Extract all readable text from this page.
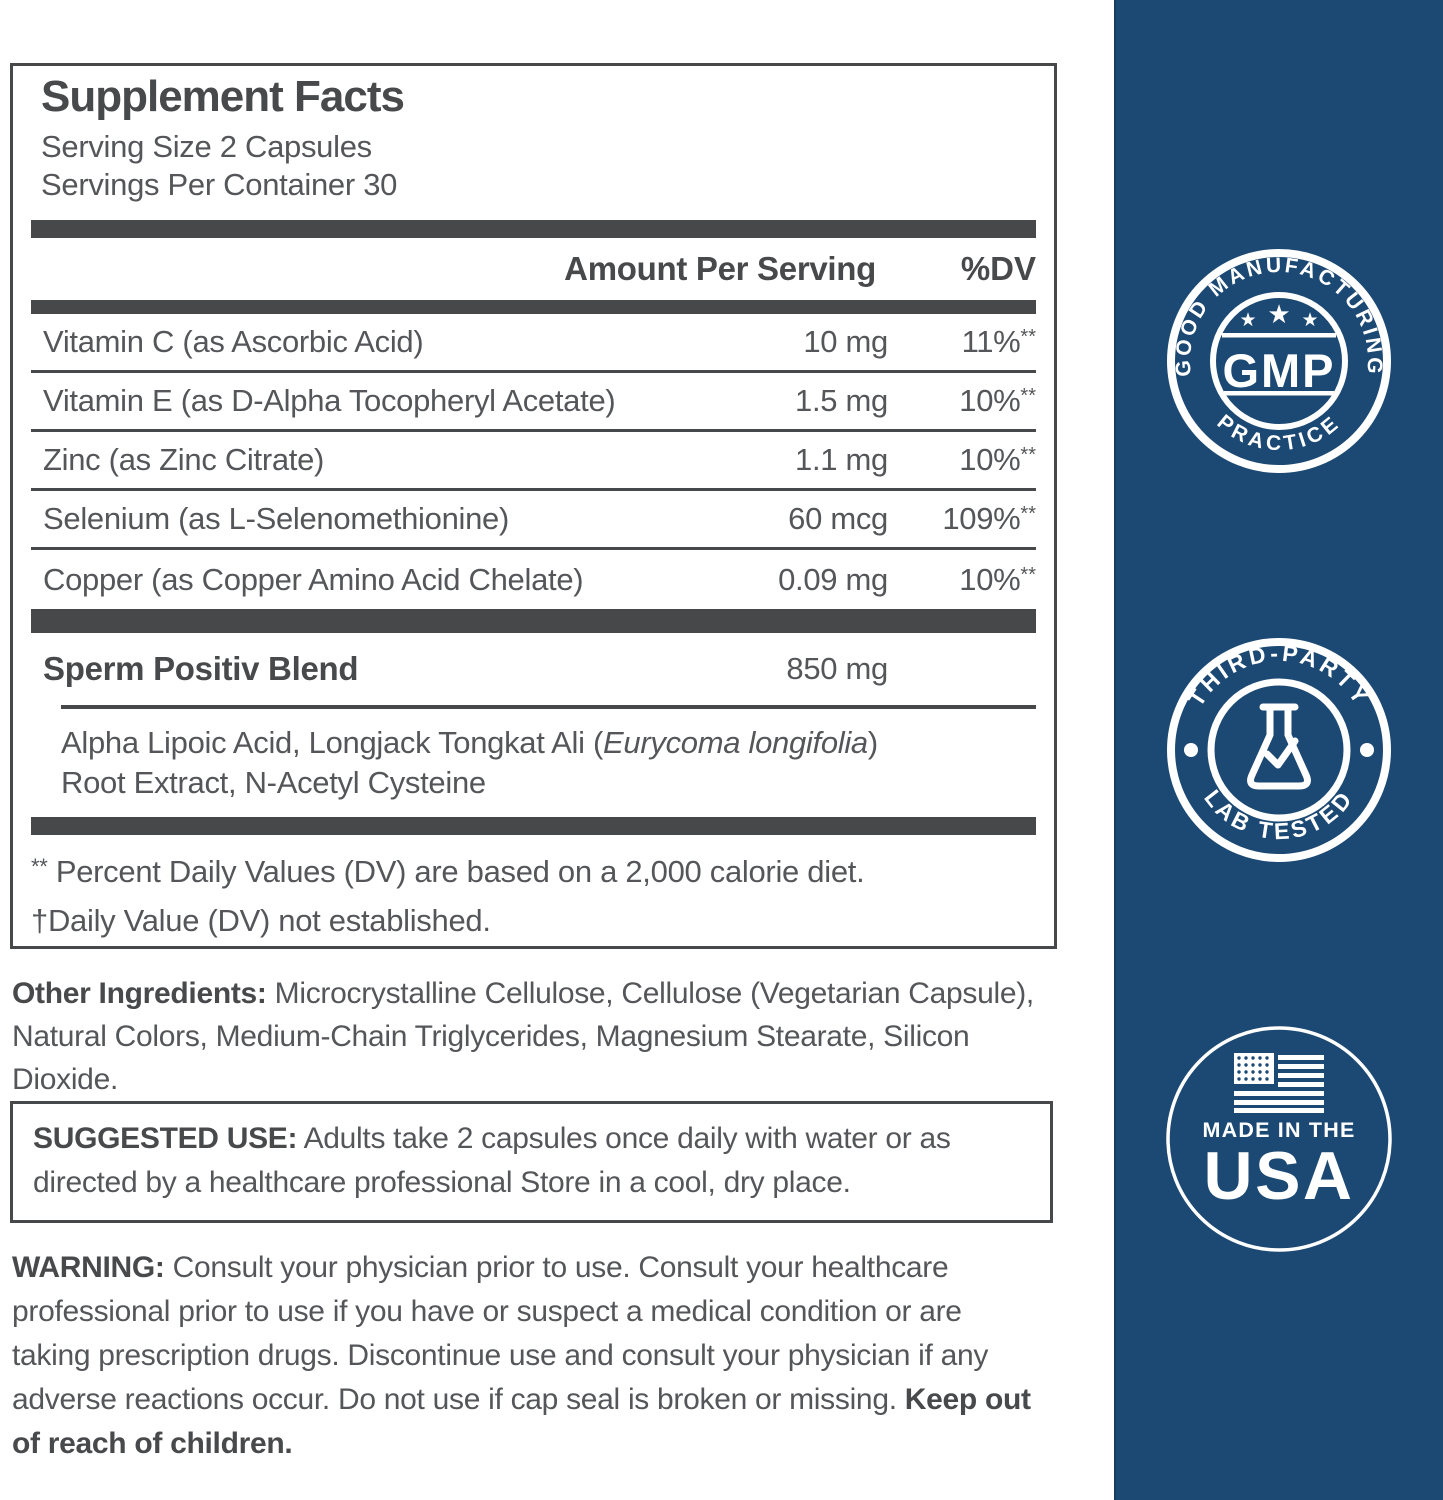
Supplement Facts
Serving Size 2 Capsules
Servings Per Container 30
Amount Per Serving	%DV
Vitamin C (as Ascorbic Acid)	10 mg	11%**
Vitamin E (as D-Alpha Tocopheryl Acetate)	1.5 mg	10%**
Zinc (as Zinc Citrate)	1.1 mg	10%**
Selenium (as L-Selenomethionine)	60 mcg	109%**
Copper (as Copper Amino Acid Chelate)	0.09 mg	10%**
Sperm Positiv Blend	850 mg
Alpha Lipoic Acid, Longjack Tongkat Ali (Eurycoma longifolia)
Root Extract, N-Acetyl Cysteine
** Percent Daily Values (DV) are based on a 2,000 calorie diet.
†Daily Value (DV) not established.

Other Ingredients: Microcrystalline Cellulose, Cellulose (Vegetarian Capsule), Natural Colors, Medium-Chain Triglycerides, Magnesium Stearate, Silicon Dioxide.

SUGGESTED USE: Adults take 2 capsules once daily with water or as directed by a healthcare professional Store in a cool, dry place.

WARNING: Consult your physician prior to use. Consult your healthcare professional prior to use if you have or suspect a medical condition or are taking prescription drugs. Discontinue use and consult your physician if any adverse reactions occur. Do not use if cap seal is broken or missing. Keep out of reach of children.

GOOD MANUFACTURING
PRACTICE
★ ★ ★
GMP
THIRD-PARTY
LAB TESTED
MADE IN THE
USA
